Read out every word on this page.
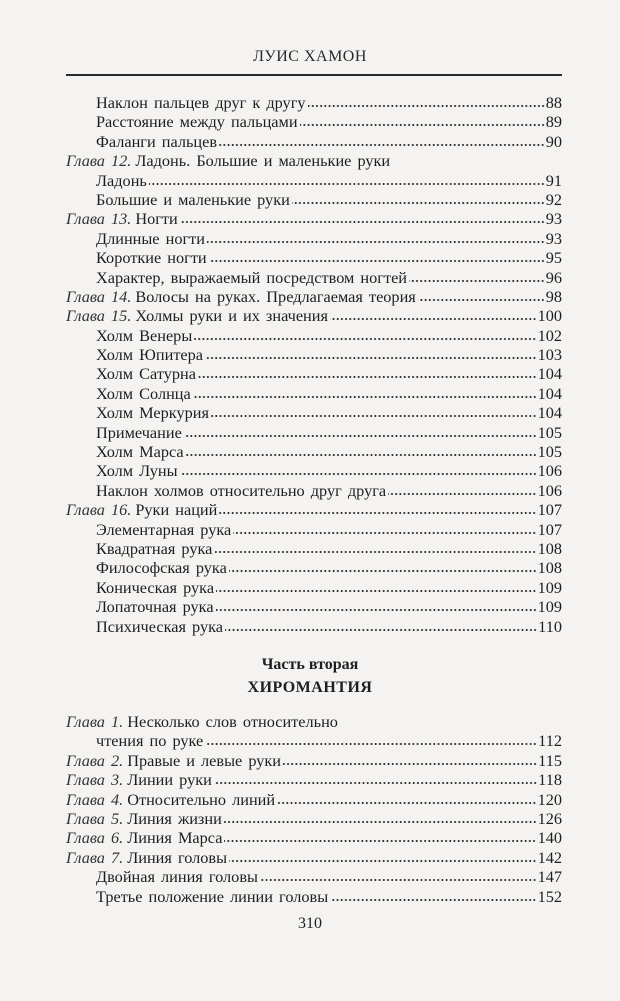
ЛУИС ХАМОН
Наклон пальцев друг к другу	88
Расстояние между пальцами	89
Фаланги пальцев	90
Глава 12. Ладонь. Большие и маленькие руки
Ладонь	91
Большие и маленькие руки	92
Глава 13. Ногти	93
Длинные ногти	93
Короткие ногти	95
Характер, выражаемый посредством ногтей	96
Глава 14. Волосы на руках. Предлагаемая теория	98
Глава 15. Холмы руки и их значения	100
Холм Венеры	102
Холм Юпитера	103
Холм Сатурна	104
Холм Солнца	104
Холм Меркурия	104
Примечание	105
Холм Марса	105
Холм Луны	106
Наклон холмов относительно друг друга	106
Глава 16. Руки наций	107
Элементарная рука	107
Квадратная рука	108
Философская рука	108
Коническая рука	109
Лопаточная рука	109
Психическая рука	110
Часть вторая
ХИРОМАНТИЯ
Глава 1. Несколько слов относительно
чтения по руке	112
Глава 2. Правые и левые руки	115
Глава 3. Линии руки	118
Глава 4. Относительно линий	120
Глава 5. Линия жизни	126
Глава 6. Линия Марса	140
Глава 7. Линия головы	142
Двойная линия головы	147
Третье положение линии головы	152
310
